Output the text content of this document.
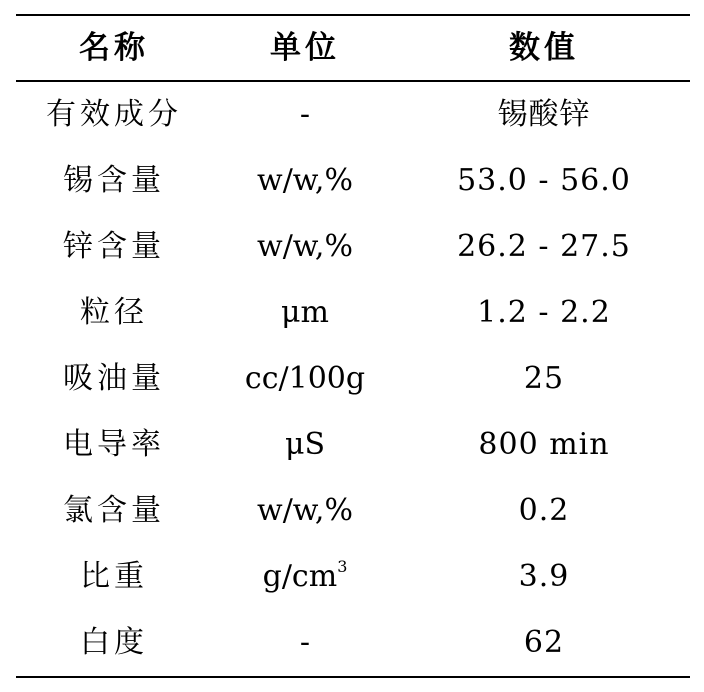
名称	单位	数值
有效成分	-	锡酸锌
锡含量	w/w,%	53.0 - 56.0
锌含量	w/w,%	26.2 - 27.5
粒径	μm	1.2 - 2.2
吸油量	cc/100g	25
电导率	μS	800 min
氯含量	w/w,%	0.2
比重	$g/cm^3$	3.9
白度	-	62
